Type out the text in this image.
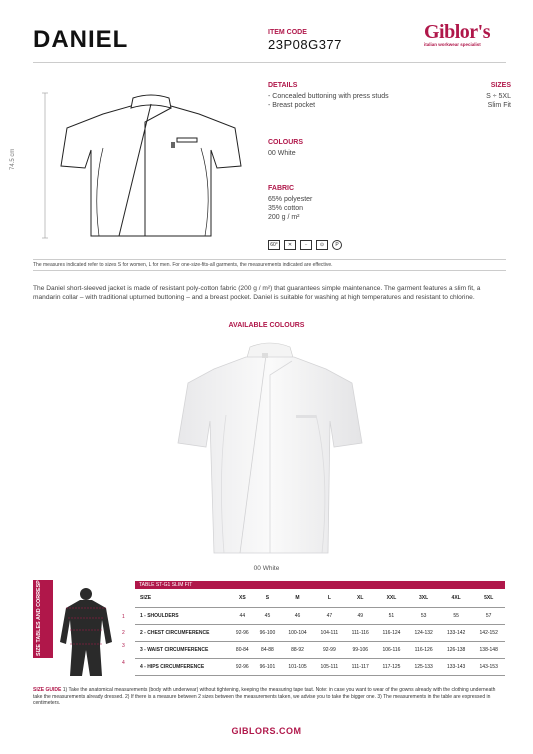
DANIEL	ITEM CODE
23P08G377
Giblor's
italian workwear specialist
74.5 cm
DETAILS
- Concealed buttoning with press studs
- Breast pocket
SIZES
S ÷ 5XL
Slim Fit
COLOURS
00 White
FABRIC
65% polyester
35% cotton
200 g / m²
60°	✕	··	⊙	P
The measures indicated refer to sizes S for women, L for men. For one-size-fits-all garments, the measurements indicated are effective.
The Daniel short-sleeved jacket is made of resistant poly-cotton fabric (200 g / m²) that guarantees simple maintenance. The garment features a slim fit, a mandarin collar – with traditional upturned buttoning – and a breast pocket. Daniel is suitable for washing at high temperatures and resistant to chlorine.
AVAILABLE COLOURS
00 White
SIZE TABLES AND CORRESPONDENCES	1
2
3
4
TABLE ST-G1 SLIM FIT
SIZE	XS	S	M	L	XL	XXL	3XL	4XL	5XL
1 - SHOULDERS	44	45	46	47	49	51	53	55	57
2 - CHEST CIRCUMFERENCE	92-96	96-100	100-104	104-111	111-116	116-124	124-132	133-142	142-152
3 - WAIST CIRCUMFERENCE	80-84	84-88	88-92	92-99	99-106	106-116	116-126	126-138	138-148
4 - HIPS CIRCUMFERENCE	92-96	96-101	101-105	105-111	111-117	117-125	125-133	133-143	143-153
SIZE GUIDE 1) Take the anatomical measurements (body with underwear) without tightening, keeping the measuring tape taut. Note: in case you want to wear of the gowns already with the clothing underneath take the measurements already dressed. 2) If there is a measure between 2 sizes between the measurements taken, we advise you to take the bigger one. 3) The measurements in the table are expressed in centimeters.
GIBLORS.COM
